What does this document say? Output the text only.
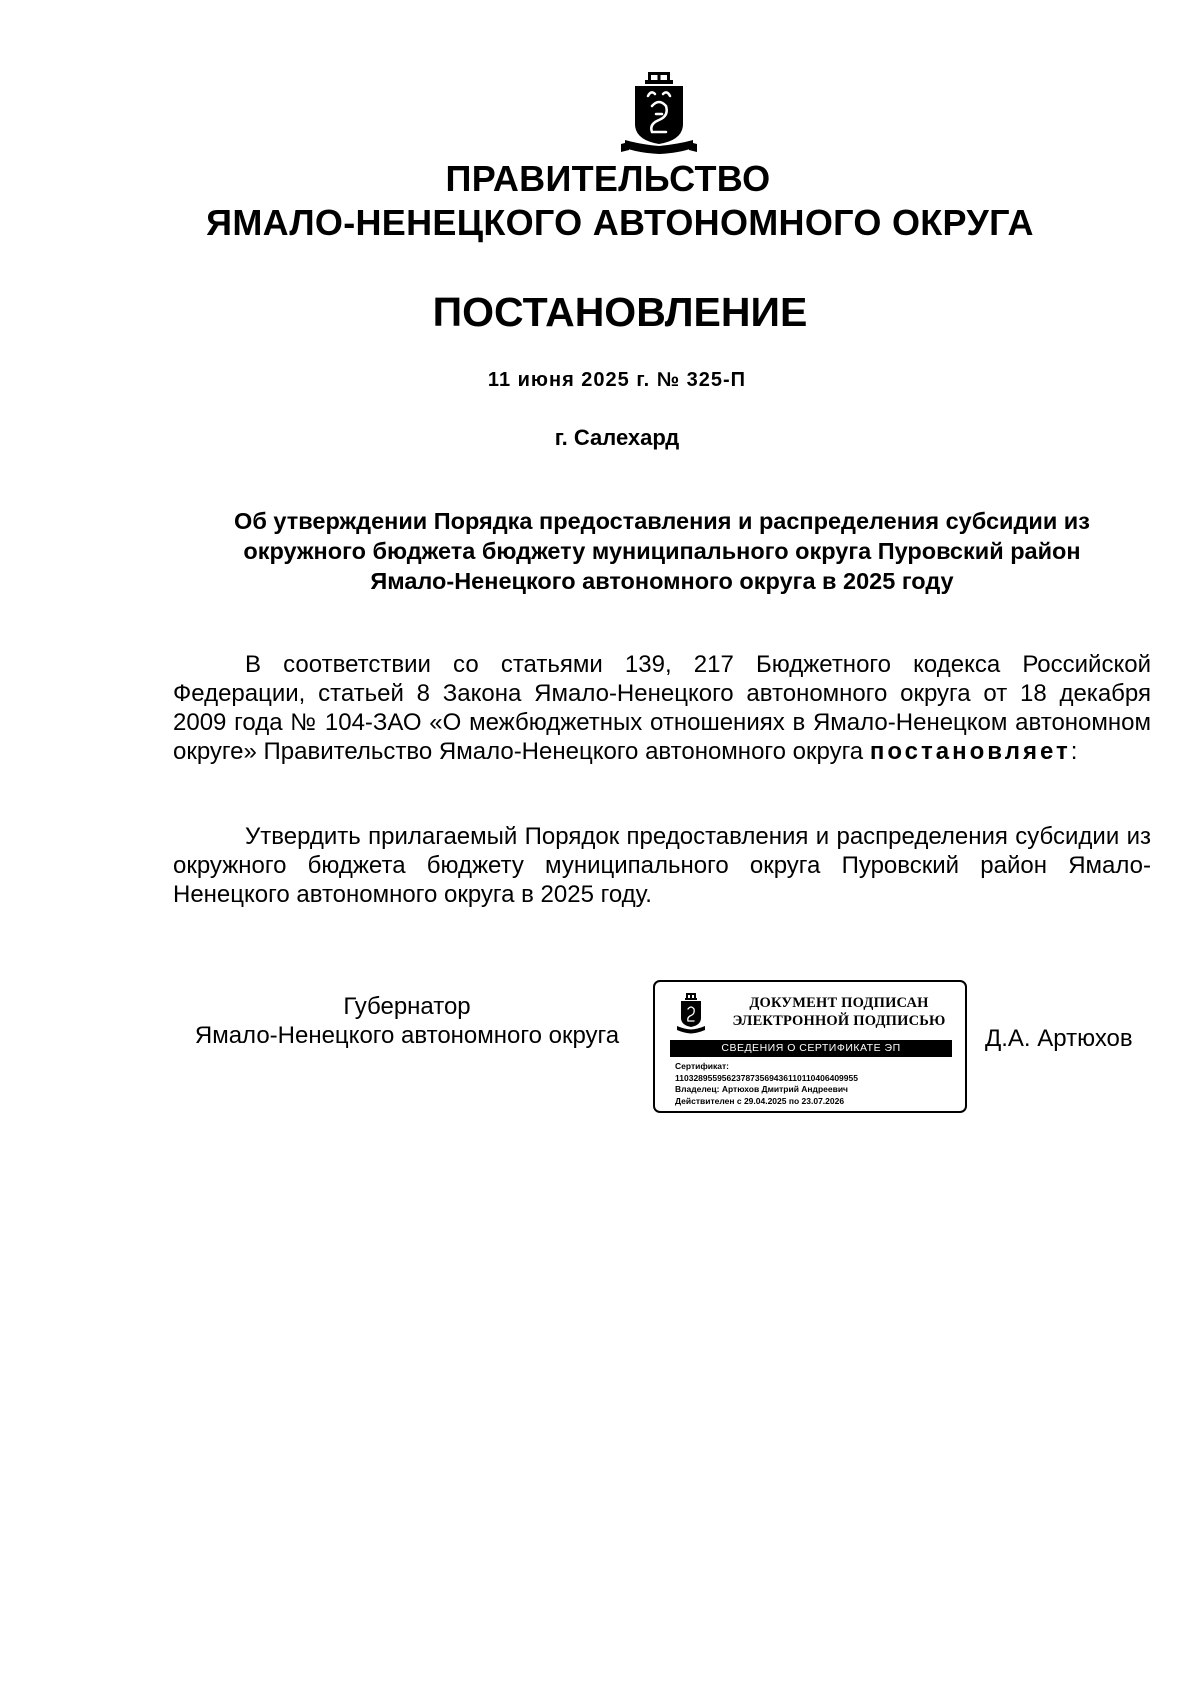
ПРАВИТЕЛЬСТВО
ЯМАЛО-НЕНЕЦКОГО АВТОНОМНОГО ОКРУГА
ПОСТАНОВЛЕНИЕ
11 июня 2025 г. № 325-П
г. Салехард
Об утверждении Порядка предоставления и распределения субсидии из
окружного бюджета бюджету муниципального округа Пуровский район
Ямало-Ненецкого автономного округа в 2025 году
В соответствии со статьями 139, 217 Бюджетного кодекса Российской Федерации, статьей 8 Закона Ямало-Ненецкого автономного округа от 18 декабря 2009 года № 104-ЗАО «О межбюджетных отношениях в Ямало-Ненецком автономном округе» Правительство Ямало-Ненецкого автономного округа постановляет:
Утвердить прилагаемый Порядок предоставления и распределения субсидии из окружного бюджета бюджету муниципального округа Пуровский район Ямало-Ненецкого автономного округа в 2025 году.
Губернатор
Ямало-Ненецкого автономного округа
ДОКУМЕНТ ПОДПИСАН
ЭЛЕКТРОННОЙ ПОДПИСЬЮ
СВЕДЕНИЯ О СЕРТИФИКАТЕ ЭП
Сертификат:
11032895595623787356943611011040640995​5
Владелец: Артюхов Дмитрий Андреевич
Действителен с 29.04.2025 по 23.07.2026
Д.А. Артюхов
